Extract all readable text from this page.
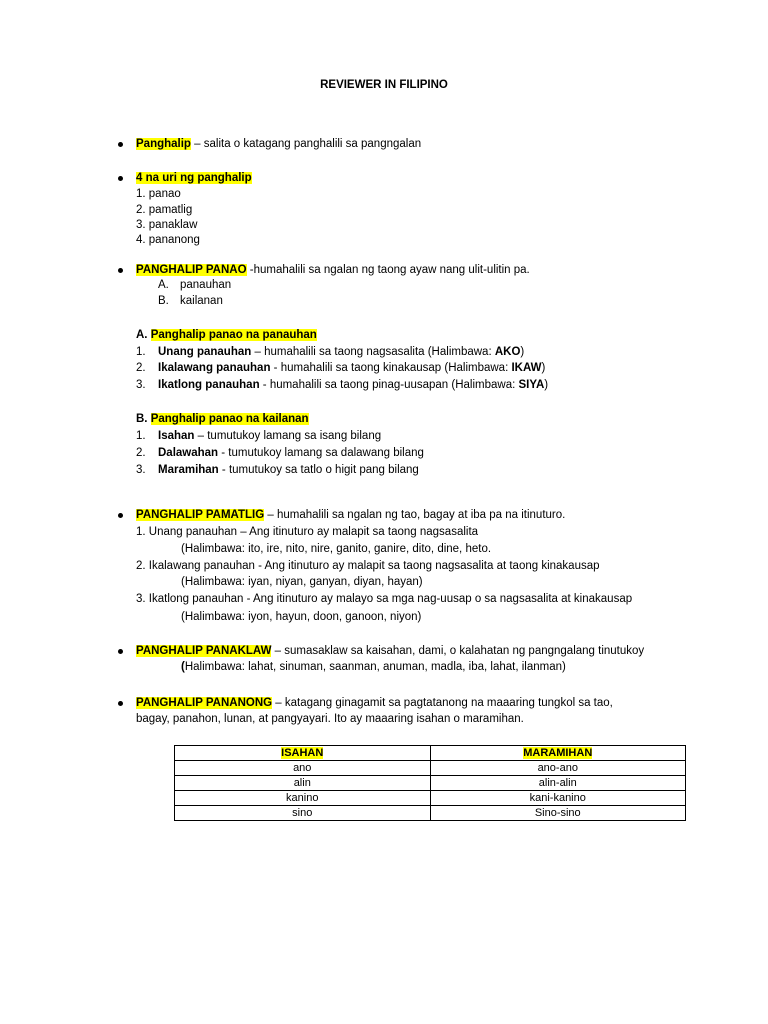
REVIEWER IN FILIPINO
Panghalip – salita o katagang panghalili sa pangngalan
4 na uri ng panghalip
1. panao
2. pamatlig
3. panaklaw
4. pananong
PANGHALIP PANAO -humahalili sa ngalan ng taong ayaw nang ulit-ulitin pa.
A. panauhan
B. kailanan
A. Panghalip panao na panauhan
1. Unang panauhan – humahalili sa taong nagsasalita (Halimbawa: AKO)
2. Ikalawang panauhan - humahalili sa taong kinakausap (Halimbawa: IKAW)
3. Ikatlong panauhan - humahalili sa taong pinag-uusapan (Halimbawa: SIYA)
B. Panghalip panao na kailanan
1. Isahan – tumutukoy lamang sa isang bilang
2. Dalawahan - tumutukoy lamang sa dalawang bilang
3. Maramihan - tumutukoy sa tatlo o higit pang bilang
PANGHALIP PAMATLIG – humahalili sa ngalan ng tao, bagay at iba pa na itinuturo.
1. Unang panauhan – Ang itinuturo ay malapit sa taong nagsasalita
(Halimbawa: ito, ire, nito, nire, ganito, ganire, dito, dine, heto.
2. Ikalawang panauhan - Ang itinuturo ay malapit sa taong nagsasalita at taong kinakausap
(Halimbawa: iyan, niyan, ganyan, diyan, hayan)
3. Ikatlong panauhan - Ang itinuturo ay malayo sa mga nag-uusap o sa nagsasalita at kinakausap
(Halimbawa: iyon, hayun, doon, ganoon, niyon)
PANGHALIP PANAKLAW – sumasaklaw sa kaisahan, dami, o kalahatan ng pangngalang tinutukoy
(Halimbawa: lahat, sinuman, saanman, anuman, madla, iba, lahat, ilanman)
PANGHALIP PANANONG – katagang ginagamit sa pagtatanong na maaaring tungkol sa tao,
bagay, panahon, lunan, at pangyayari. Ito ay maaaring isahan o maramihan.
ISAHAN	MARAMIHAN
ano	ano-ano
alin	alin-alin
kanino	kani-kanino
sino	Sino-sino
